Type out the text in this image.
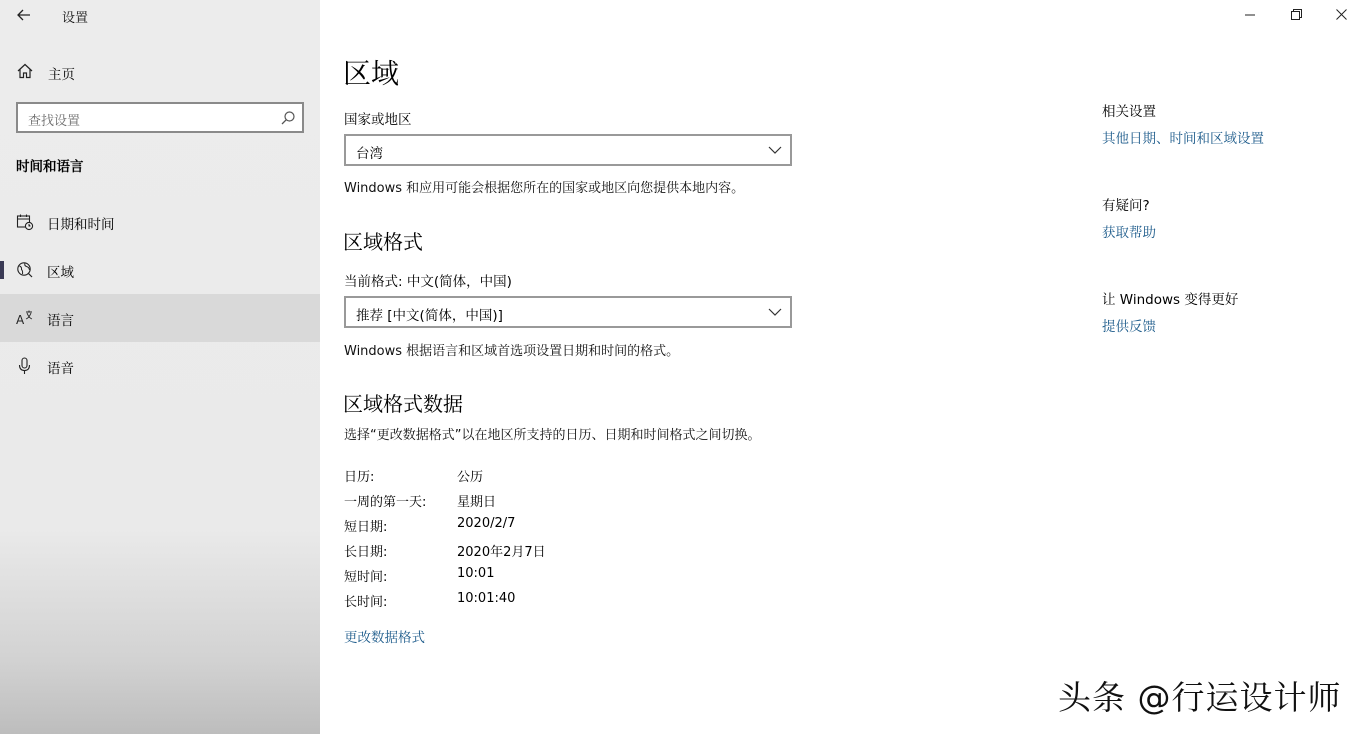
设置
主页
查找设置
时间和语言
日期和时间
区域
A 语言
语音
区域
国家或地区
台湾
Windows 和应用可能会根据您所在的国家或地区向您提供本地内容。
区域格式
当前格式: 中文(简体，中国)
推荐 [中文(简体，中国)]
Windows 根据语言和区域首选项设置日期和时间的格式。
区域格式数据
选择“更改数据格式”以在地区所支持的日历、日期和时间格式之间切换。
日历:	公历
一周的第一天: 星期日
短日期:	2020/2/7
长日期:	2020年2月7日
短时间:	10:01
长时间:	10:01:40
更改数据格式
相关设置
其他日期、时间和区域设置
有疑问?
获取帮助
让 Windows 变得更好
提供反馈
头条 @行运设计师
